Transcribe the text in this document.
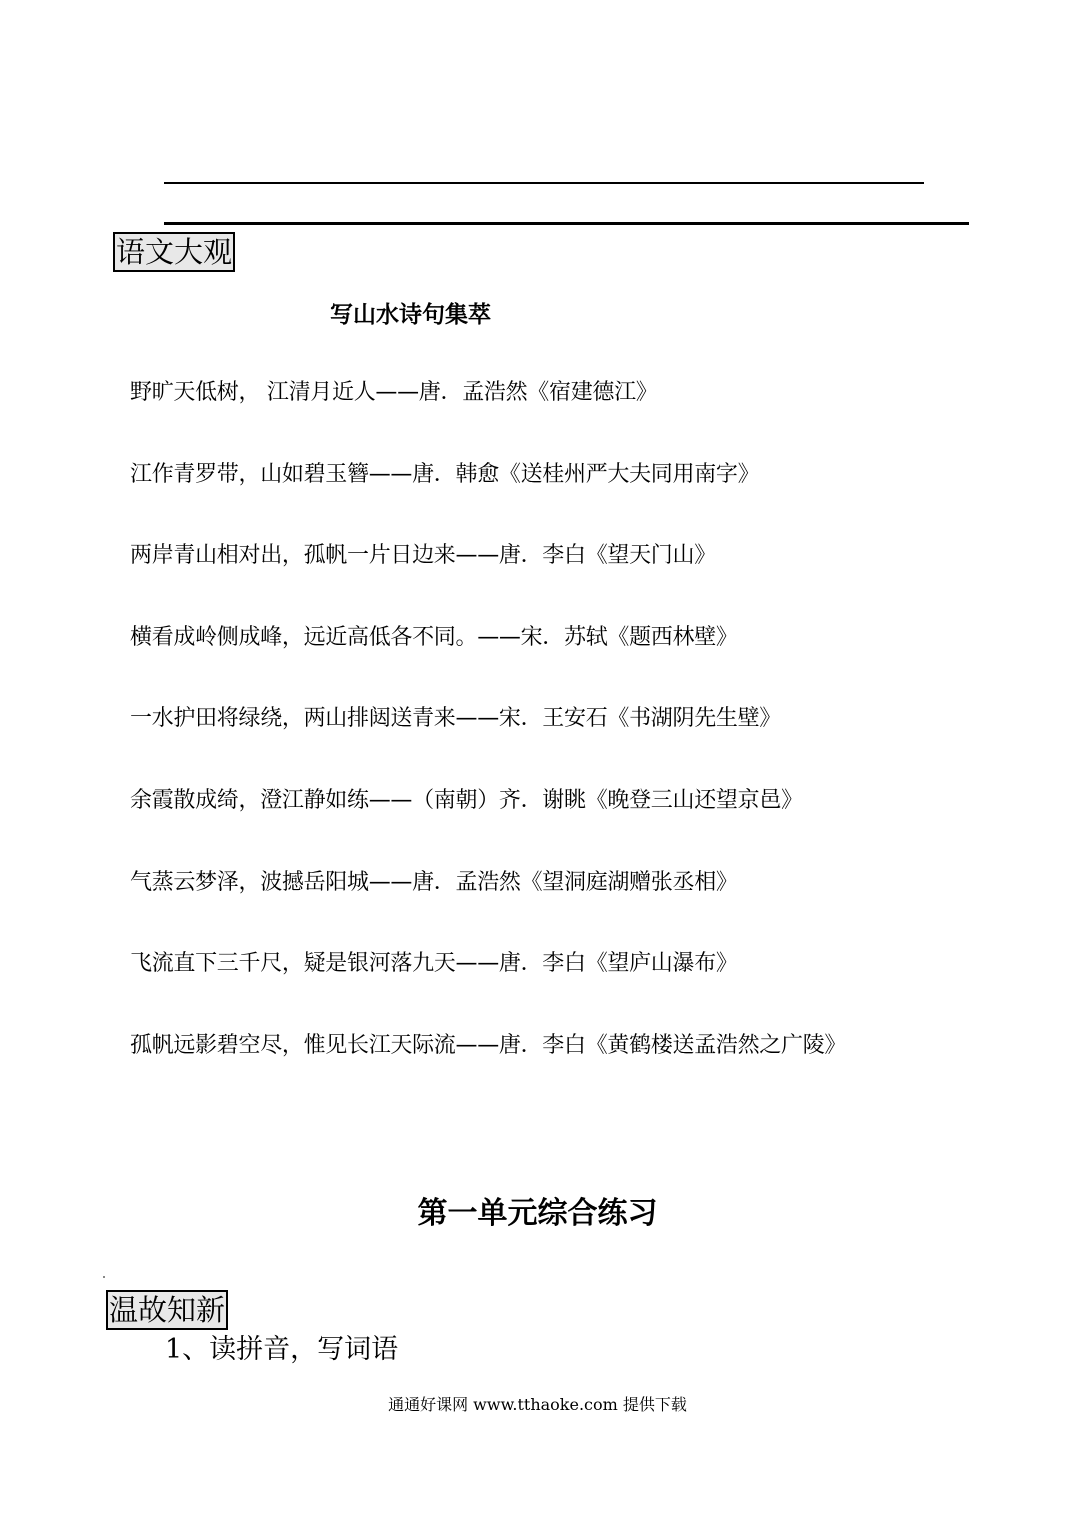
语文大观
写山水诗句集萃
野旷天低树， 江清月近人——唐．孟浩然《宿建德江》
江作青罗带，山如碧玉簪——唐．韩愈《送桂州严大夫同用南字》
两岸青山相对出，孤帆一片日边来——唐．李白《望天门山》
横看成岭侧成峰，远近高低各不同。——宋．苏轼《题西林壁》
一水护田将绿绕，两山排闼送青来——宋．王安石《书湖阴先生壁》
余霞散成绮，澄江静如练——（南朝）齐．谢眺《晚登三山还望京邑》
气蒸云梦泽，波撼岳阳城——唐．孟浩然《望洞庭湖赠张丞相》
飞流直下三千尺，疑是银河落九天——唐．李白《望庐山瀑布》
孤帆远影碧空尽，惟见长江天际流——唐．李白《黄鹤楼送孟浩然之广陵》
第一单元综合练习
温故知新
1、读拼音，写词语
通通好课网 www.tthaoke.com 提供下载
